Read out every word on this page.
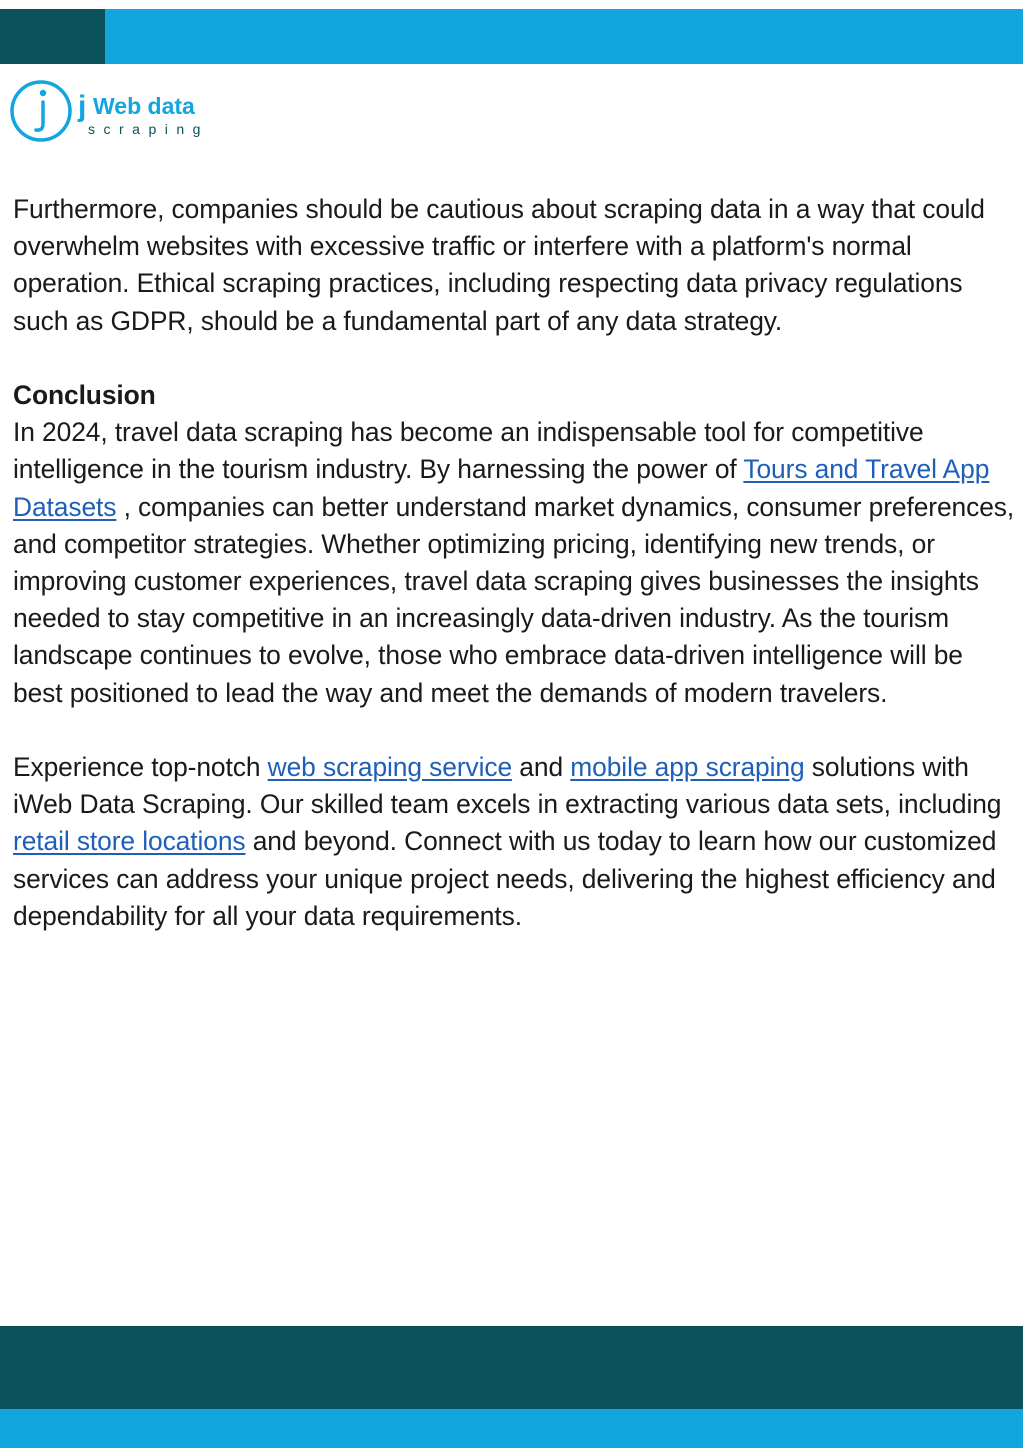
j Web data
scraping

Furthermore, companies should be cautious about scraping data in a way that could overwhelm websites with excessive traffic or interfere with a platform's normal operation. Ethical scraping practices, including respecting data privacy regulations such as GDPR, should be a fundamental part of any data strategy.

Conclusion
In 2024, travel data scraping has become an indispensable tool for competitive intelligence in the tourism industry. By harnessing the power of Tours and Travel App Datasets , companies can better understand market dynamics, consumer preferences, and competitor strategies. Whether optimizing pricing, identifying new trends, or improving customer experiences, travel data scraping gives businesses the insights needed to stay competitive in an increasingly data-driven industry. As the tourism landscape continues to evolve, those who embrace data-driven intelligence will be best positioned to lead the way and meet the demands of modern travelers.

Experience top-notch web scraping service and mobile app scraping solutions with iWeb Data Scraping. Our skilled team excels in extracting various data sets, including retail store locations and beyond. Connect with us today to learn how our customized services can address your unique project needs, delivering the highest efficiency and dependability for all your data requirements.
